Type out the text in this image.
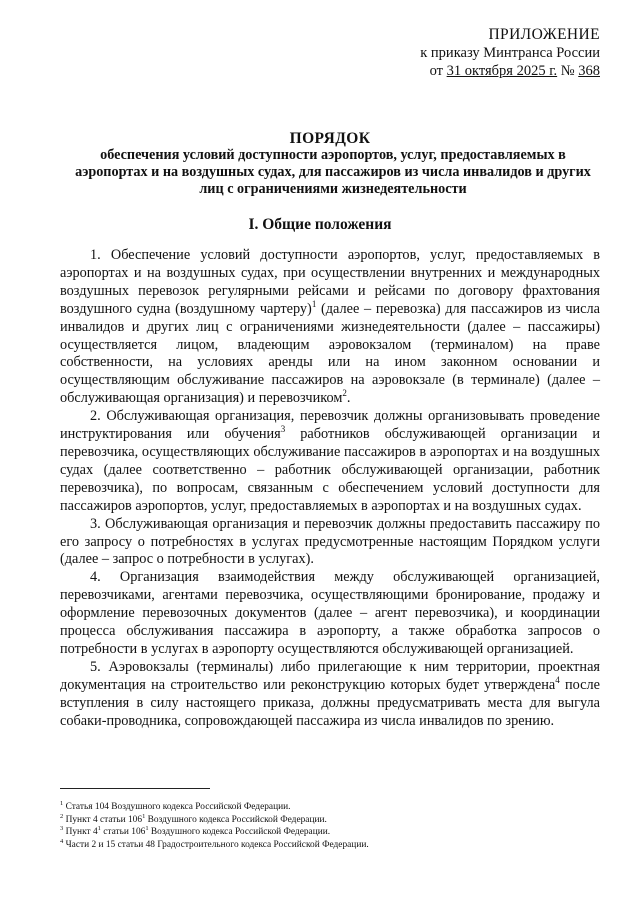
ПРИЛОЖЕНИЕ
к приказу Минтранса России
от 31 октября 2025 г. № 368
ПОРЯДОК
обеспечения условий доступности аэропортов, услуг, предоставляемых в аэропортах и на воздушных судах, для пассажиров из числа инвалидов и других лиц с ограничениями жизнедеятельности
I. Общие положения

1. Обеспечение условий доступности аэропортов, услуг, предоставляемых в аэропортах и на воздушных судах, при осуществлении внутренних и международных воздушных перевозок регулярными рейсами и рейсами по договору фрахтования воздушного судна (воздушному чартеру)$^1$ (далее – перевозка) для пассажиров из числа инвалидов и других лиц с ограничениями жизнедеятельности (далее – пассажиры) осуществляется лицом, владеющим аэровокзалом (терминалом) на праве собственности, на условиях аренды или на ином законном основании и осуществляющим обслуживание пассажиров на аэровокзале (в терминале) (далее – обслуживающая организация) и перевозчиком$^2$.

2. Обслуживающая организация, перевозчик должны организовывать проведение инструктирования или обучения$^3$ работников обслуживающей организации и перевозчика, осуществляющих обслуживание пассажиров в аэропортах и на воздушных судах (далее соответственно – работник обслуживающей организации, работник перевозчика), по вопросам, связанным с обеспечением условий доступности для пассажиров аэропортов, услуг, предоставляемых в аэропортах и на воздушных судах.

3. Обслуживающая организация и перевозчик должны предоставить пассажиру по его запросу о потребностях в услугах предусмотренные настоящим Порядком услуги (далее – запрос о потребности в услугах).

4. Организация взаимодействия между обслуживающей организацией, перевозчиками, агентами перевозчика, осуществляющими бронирование, продажу и оформление перевозочных документов (далее – агент перевозчика), и координации процесса обслуживания пассажира в аэропорту, а также обработка запросов о потребности в услугах в аэропорту осуществляются обслуживающей организацией.

5. Аэровокзалы (терминалы) либо прилегающие к ним территории, проектная документация на строительство или реконструкцию которых будет утверждена$^4$ после вступления в силу настоящего приказа, должны предусматривать места для выгула собаки-проводника, сопровождающей пассажира из числа инвалидов по зрению.

$^1$ Статья 104 Воздушного кодекса Российской Федерации.
$^2$ Пункт 4 статьи $106^1$ Воздушного кодекса Российской Федерации.
$^3$ Пункт $4^1$ статьи $106^1$ Воздушного кодекса Российской Федерации.
$^4$ Части 2 и 15 статьи 48 Градостроительного кодекса Российской Федерации.
